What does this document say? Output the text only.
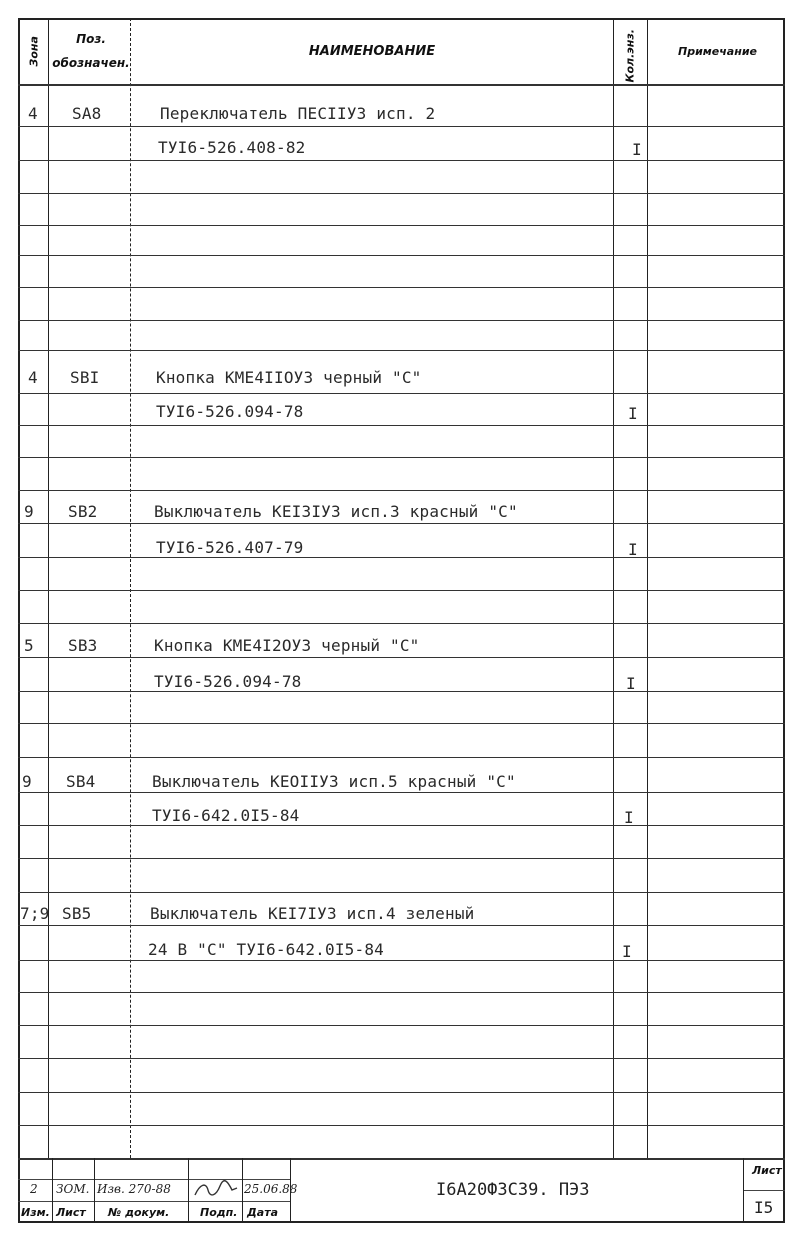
Зона	Поз.
обозначен.
НАИМЕНОВАНИЕ	Кол.энз.	Примечание
4 SA8	Переключатель ПЕСIIУЗ исп. 2
ТУI6-526.408-82	I
4 SBI	Кнопка КМЕ4IIОУЗ черный "С"
ТУI6-526.094-78	I
9 SB2	Выключатель КЕIЗIУЗ исп.3 красный "С"
ТУI6-526.407-79	I
5 SB3	Кнопка КМЕ4I2ОУЗ черный "С"
ТУI6-526.094-78	I
9 SB4	Выключатель КЕОIIУЗ исп.5 красный "С"
ТУI6-642.0I5-84	I
7;9 SB5	Выключатель КЕI7IУЗ исп.4 зеленый
24 В "С" ТУI6-642.0I5-84	I
2 ЗОМ. Изв. 270-88	25.06.88
Изм. Лист № докум.	Подп. Дата
I6А20Ф3С39. ПЭЗ
Лист
I5
